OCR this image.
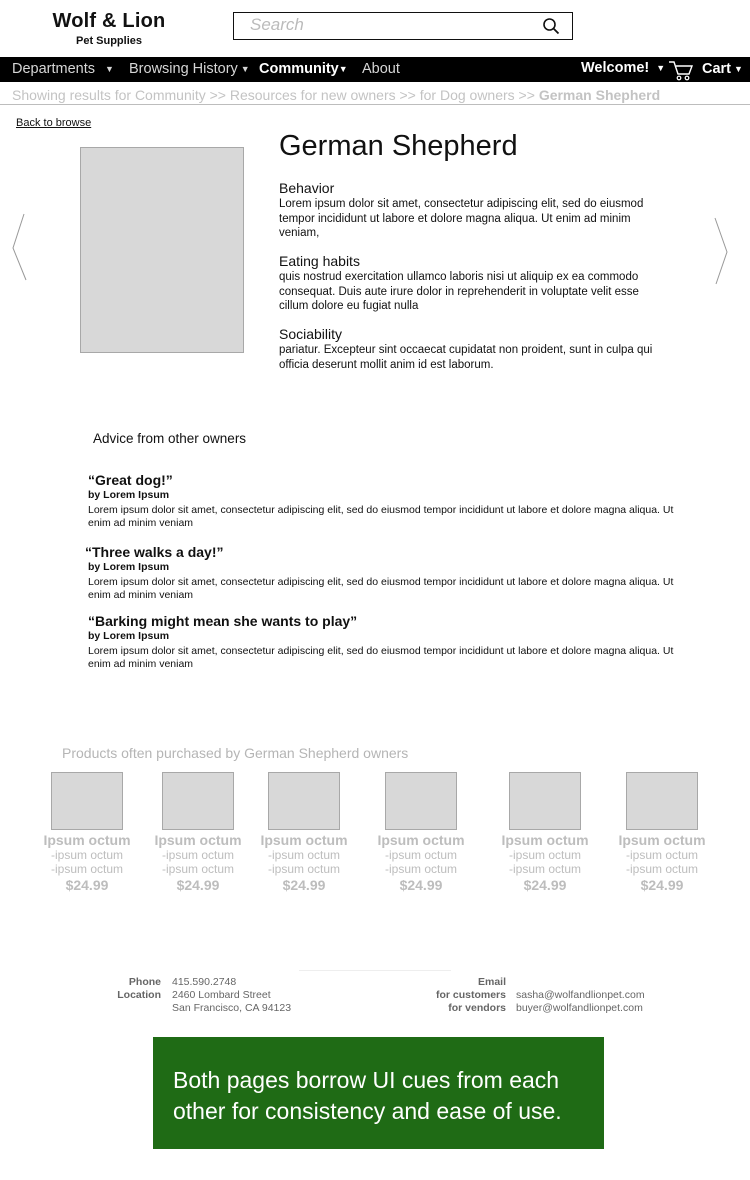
Wolf & Lion
Pet Supplies
Search
Departments ▼ Browsing History ▼ Community▼ About	Welcome! ▼	Cart ▼
Showing results for Community >> Resources for new owners >> for Dog owners >> German Shepherd
Back to browse
German Shepherd
Behavior

Lorem ipsum dolor sit amet, consectetur adipiscing elit, sed do eiusmod tempor incididunt ut labore et dolore magna aliqua. Ut enim ad minim veniam,

Eating habits

quis nostrud exercitation ullamco laboris nisi ut aliquip ex ea commodo consequat. Duis aute irure dolor in reprehenderit in voluptate velit esse cillum dolore eu fugiat nulla

Sociability

pariatur. Excepteur sint occaecat cupidatat non proident, sunt in culpa qui officia deserunt mollit anim id est laborum.

Advice from other owners
“Great dog!”
by Lorem Ipsum
Lorem ipsum dolor sit amet, consectetur adipiscing elit, sed do eiusmod tempor incididunt ut labore et dolore magna aliqua. Ut enim ad minim veniam
“Three walks a day!”
by Lorem Ipsum
Lorem ipsum dolor sit amet, consectetur adipiscing elit, sed do eiusmod tempor incididunt ut labore et dolore magna aliqua. Ut enim ad minim veniam
“Barking might mean she wants to play”
by Lorem Ipsum
Lorem ipsum dolor sit amet, consectetur adipiscing elit, sed do eiusmod tempor incididunt ut labore et dolore magna aliqua. Ut enim ad minim veniam
Products often purchased by German Shepherd owners
Ipsum octum
-ipsum octum
-ipsum octum
$24.99
Ipsum octum
-ipsum octum
-ipsum octum
$24.99
Ipsum octum
-ipsum octum
-ipsum octum
$24.99
Ipsum octum
-ipsum octum
-ipsum octum
$24.99
Ipsum octum
-ipsum octum
-ipsum octum
$24.99
Ipsum octum
-ipsum octum
-ipsum octum
$24.99
Phone
Location
415.590.2748
2460 Lombard Street
San Francisco, CA 94123
Email
for customers
for vendors
sasha@wolfandlionpet.com
buyer@wolfandlionpet.com
Both pages borrow UI cues from each
other for consistency and ease of use.
